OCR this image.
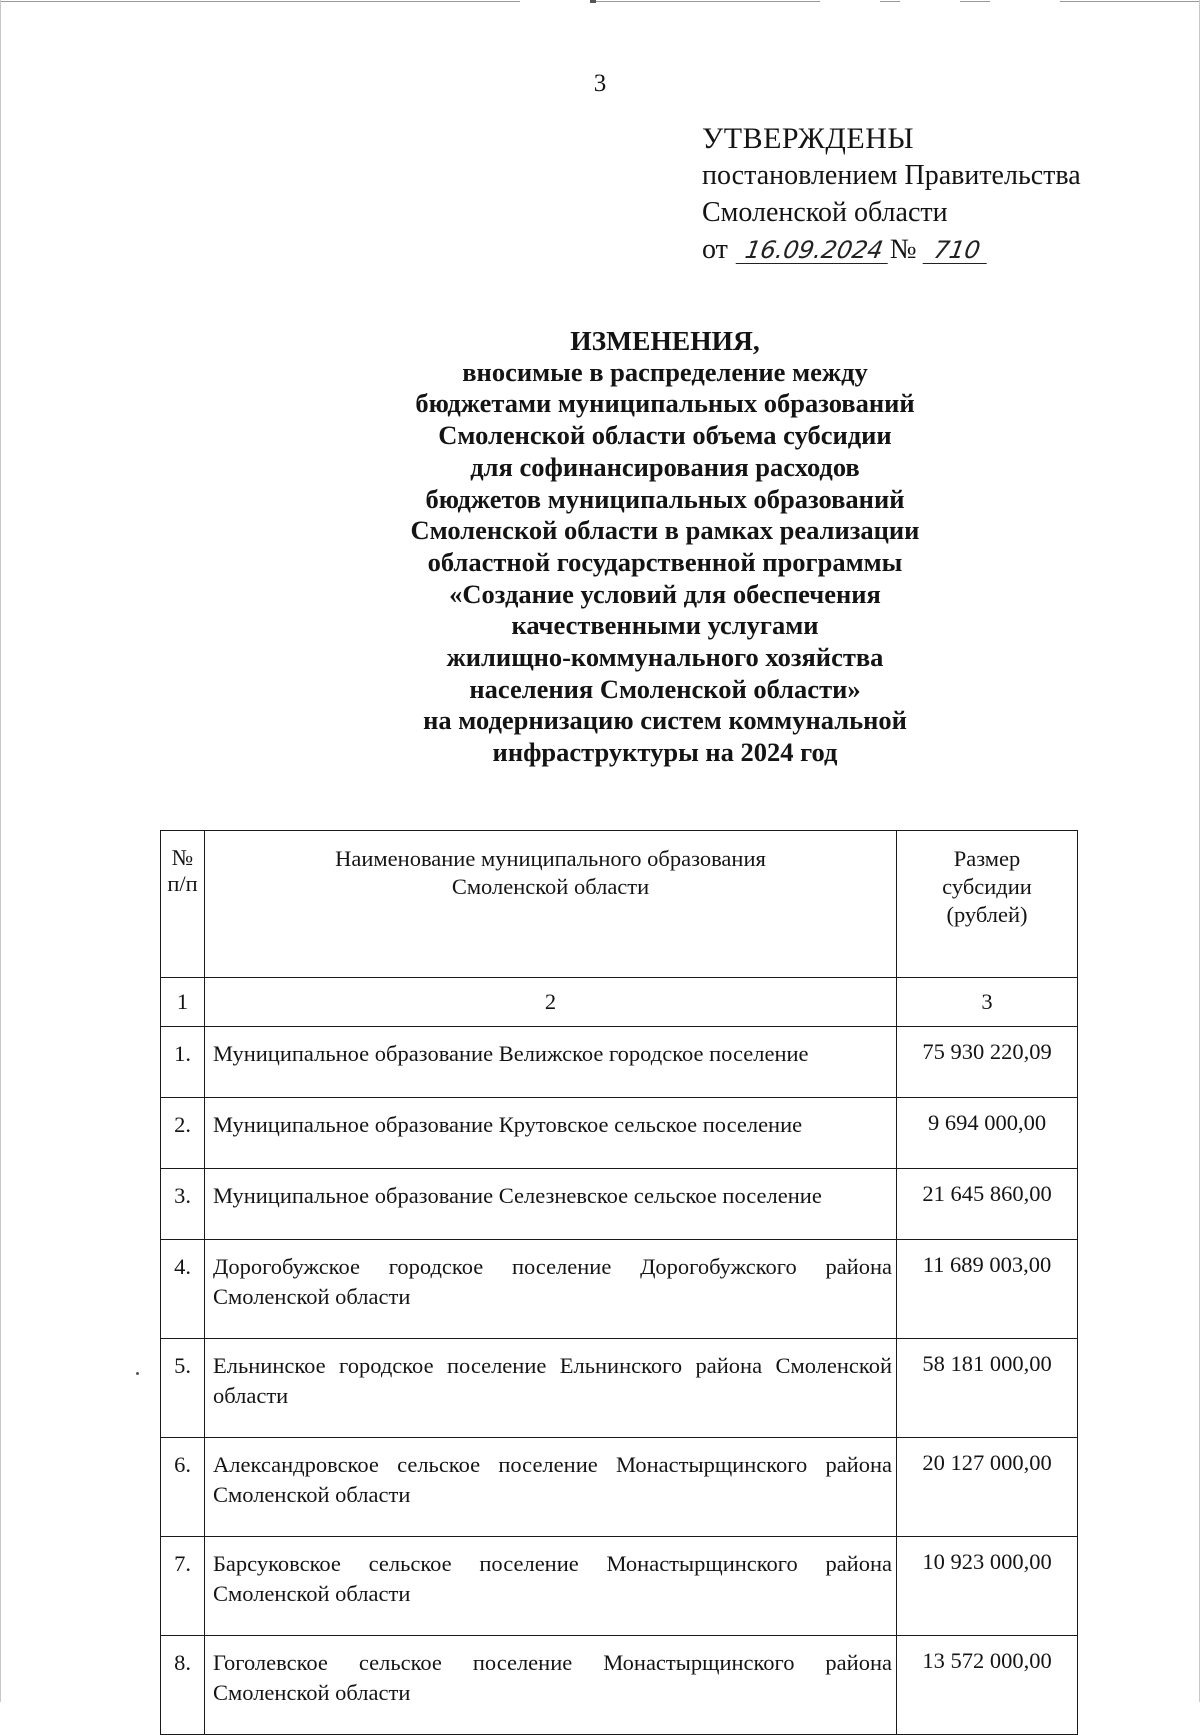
3
УТВЕРЖДЕНЫ
постановлением Правительства
Смоленской области
от 16.09.2024 № 710
ИЗМЕНЕНИЯ,
вносимые в распределение между
бюджетами муниципальных образований
Смоленской области объема субсидии
для софинансирования расходов
бюджетов муниципальных образований
Смоленской области в рамках реализации
областной государственной программы
«Создание условий для обеспечения
качественными услугами
жилищно-коммунального хозяйства
населения Смоленской области»
на модернизацию систем коммунальной
инфраструктуры на 2024 год
№ п/п	Наименование муниципального образования Смоленской области	Размер субсидии (рублей)

1	2	3
1.	Муниципальное образование Велижское городское поселение	75 930 220,09
2.	Муниципальное образование Крутовское сельское поселение	9 694 000,00
3.	Муниципальное образование Селезневское сельское поселение	21 645 860,00
4.	Дорогобужское городское поселение Дорогобужского района Смоленской области	11 689 003,00
5.	Ельнинское городское поселение Ельнинского района Смоленской области	58 181 000,00
6.	Александровское сельское поселение Монастырщинского района Смоленской области	20 127 000,00
7.	Барсуковское сельское поселение Монастырщинского района Смоленской области	10 923 000,00
8.	Гоголевское сельское поселение Монастырщинского района Смоленской области	13 572 000,00
